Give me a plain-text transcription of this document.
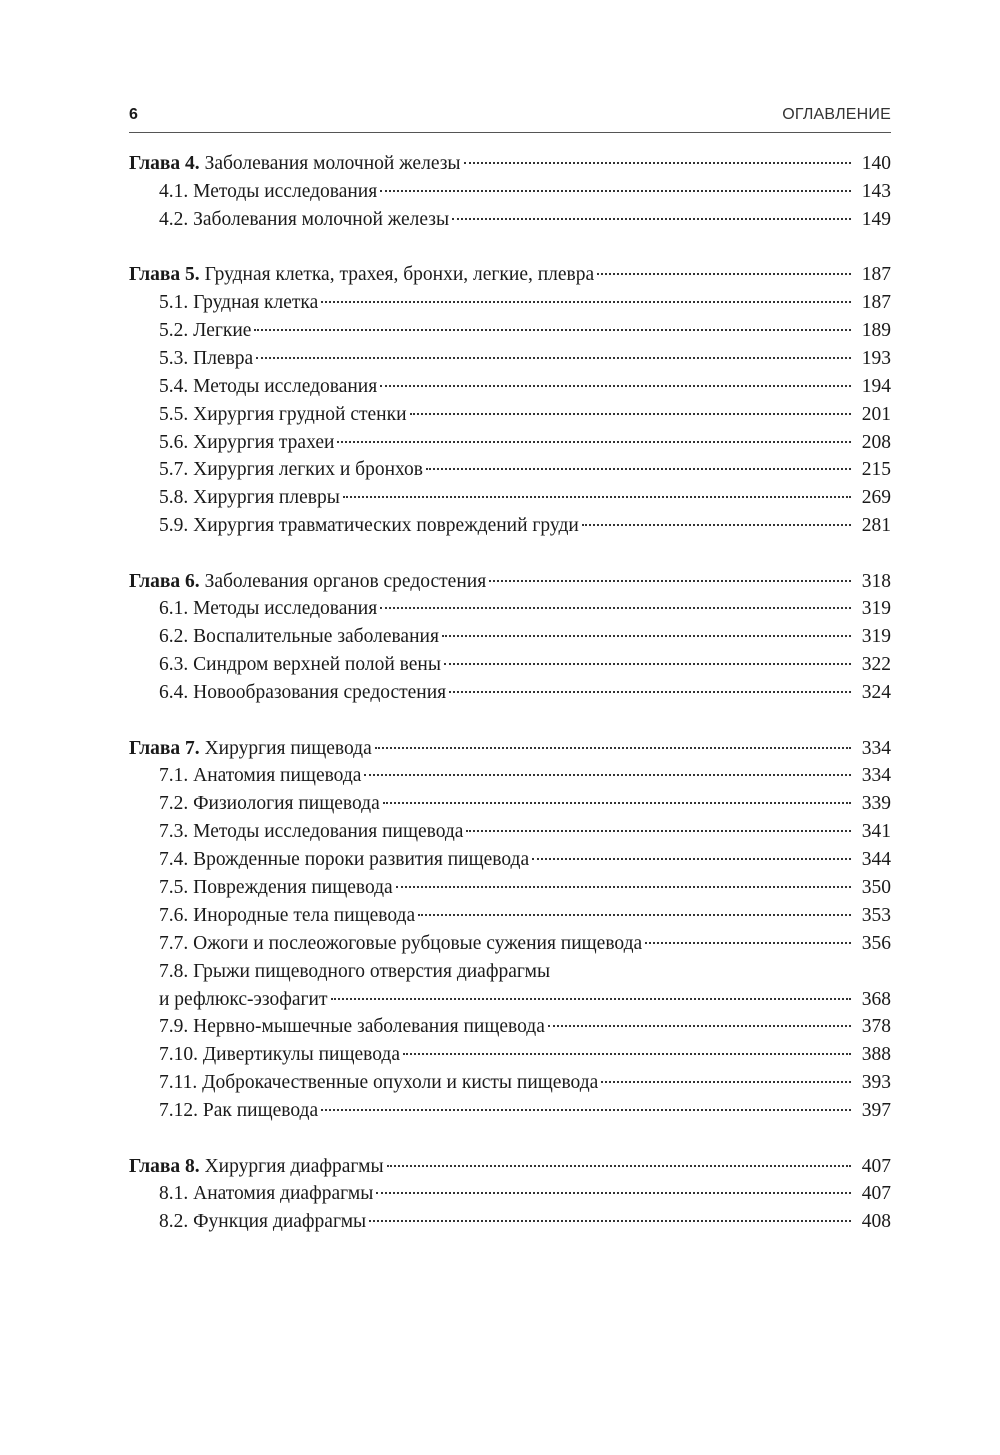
6	ОГЛАВЛЕНИЕ
Глава 4. Заболевания молочной железы	140
4.1. Методы исследования	143
4.2. Заболевания молочной железы	149
Глава 5. Грудная клетка, трахея, бронхи, легкие, плевра	187
5.1. Грудная клетка	187
5.2. Легкие	189
5.3. Плевра	193
5.4. Методы исследования	194
5.5. Хирургия грудной стенки	201
5.6. Хирургия трахеи	208
5.7. Хирургия легких и бронхов	215
5.8. Хирургия плевры	269
5.9. Хирургия травматических повреждений груди	281
Глава 6. Заболевания органов средостения	318
6.1. Методы исследования	319
6.2. Воспалительные заболевания	319
6.3. Синдром верхней полой вены	322
6.4. Новообразования средостения	324
Глава 7. Хирургия пищевода	334
7.1. Анатомия пищевода	334
7.2. Физиология пищевода	339
7.3. Методы исследования пищевода	341
7.4. Врожденные пороки развития пищевода	344
7.5. Повреждения пищевода	350
7.6. Инородные тела пищевода	353
7.7. Ожоги и послеожоговые рубцовые сужения пищевода	356
7.8. Грыжи пищеводного отверстия диафрагмы
и рефлюкс-эзофагит	368
7.9. Нервно-мышечные заболевания пищевода	378
7.10. Дивертикулы пищевода	388
7.11. Доброкачественные опухоли и кисты пищевода	393
7.12. Рак пищевода	397
Глава 8. Хирургия диафрагмы	407
8.1. Анатомия диафрагмы	407
8.2. Функция диафрагмы	408
